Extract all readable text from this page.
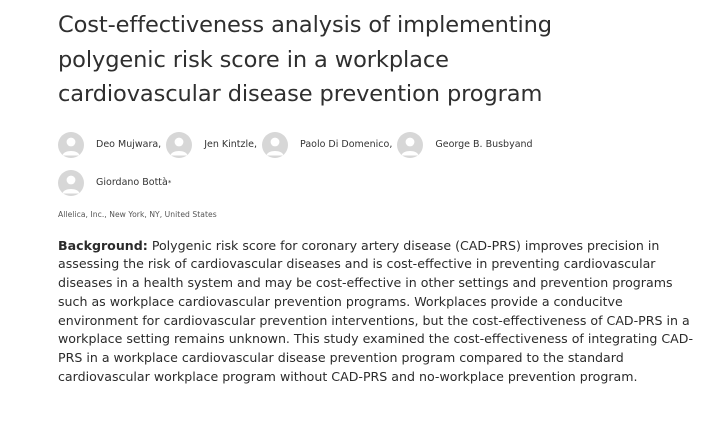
Cost-effectiveness analysis of implementing
polygenic risk score in a workplace
cardiovascular disease prevention program
Deo Mujwara ,	Jen Kintzle ,	Paolo Di Domenico ,	George B. Busby and
Giordano Bottà *
Allelica, Inc., New York, NY, United States

Background: Polygenic risk score for coronary artery disease (CAD-PRS) improves precision in assessing the risk of cardiovascular diseases and is cost-effective in preventing cardiovascular diseases in a health system and may be cost-effective in other settings and prevention programs such as workplace cardiovascular prevention programs. Workplaces provide a conducitve environment for cardiovascular prevention interventions, but the cost-effectiveness of CAD-PRS in a workplace setting remains unknown. This study examined the cost-effectiveness of integrating CAD-PRS in a workplace cardiovascular disease prevention program compared to the standard cardiovascular workplace program without CAD-PRS and no-workplace prevention program.
